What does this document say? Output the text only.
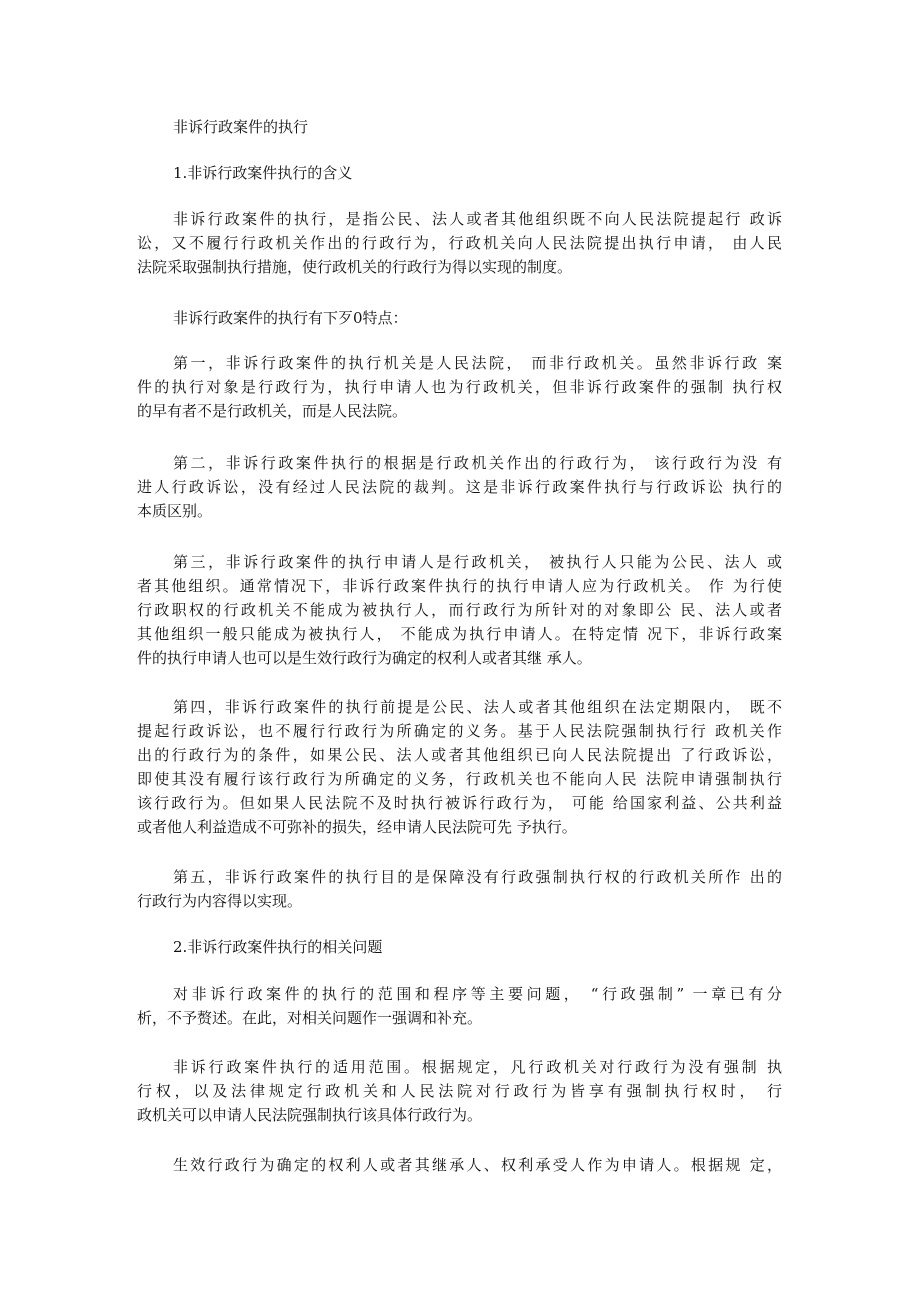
非诉行政案件的执行
1.非诉行政案件执行的含义
非诉行政案件的执行，是指公民、法人或者其他组织既不向人民法院提起行 政诉
讼，又不履行行政机关作出的行政行为，行政机关向人民法院提出执行申请， 由人民
法院采取强制执行措施，使行政机关的行政行为得以实现的制度。
非诉行政案件的执行有下歹0特点：
第一，非诉行政案件的执行机关是人民法院， 而非行政机关。虽然非诉行政 案
件的执行对象是行政行为，执行申请人也为行政机关，但非诉行政案件的强制 执行权
的早有者不是行政机关，而是人民法院。
第二，非诉行政案件执行的根据是行政机关作出的行政行为， 该行政行为没 有
进人行政诉讼，没有经过人民法院的裁判。这是非诉行政案件执行与行政诉讼 执行的
本质区别。
第三，非诉行政案件的执行申请人是行政机关， 被执行人只能为公民、法人 或
者其他组织。通常情况下，非诉行政案件执行的执行申请人应为行政机关。 作 为行使
行政职权的行政机关不能成为被执行人，而行政行为所针对的对象即公 民、法人或者
其他组织一般只能成为被执行人， 不能成为执行申请人。在特定情 况下，非诉行政案
件的执行申请人也可以是生效行政行为确定的权利人或者其继 承人。
第四，非诉行政案件的执行前提是公民、法人或者其他组织在法定期限内， 既不
提起行政诉讼，也不履行行政行为所确定的义务。基于人民法院强制执行行 政机关作
出的行政行为的条件，如果公民、法人或者其他组织已向人民法院提出 了行政诉讼，
即使其没有履行该行政行为所确定的义务，行政机关也不能向人民 法院申请强制执行
该行政行为。但如果人民法院不及时执行被诉行政行为， 可能 给国家利益、公共利益
或者他人利益造成不可弥补的损失，经申请人民法院可先 予执行。
第五，非诉行政案件的执行目的是保障没有行政强制执行权的行政机关所作 出的
行政行为内容得以实现。
2.非诉行政案件执行的相关问题
对非诉行政案件的执行的范围和程序等主要问题， “行政强制” 一章已有分
析，不予赘述。在此，对相关问题作一强调和补充。
非诉行政案件执行的适用范围。根据规定，凡行政机关对行政行为没有强制 执
行权，以及法律规定行政机关和人民法院对行政行为皆享有强制执行权时， 行
政机关可以申请人民法院强制执行该具体行政行为。
生效行政行为确定的权利人或者其继承人、权利承受人作为申请人。根据规 定，
